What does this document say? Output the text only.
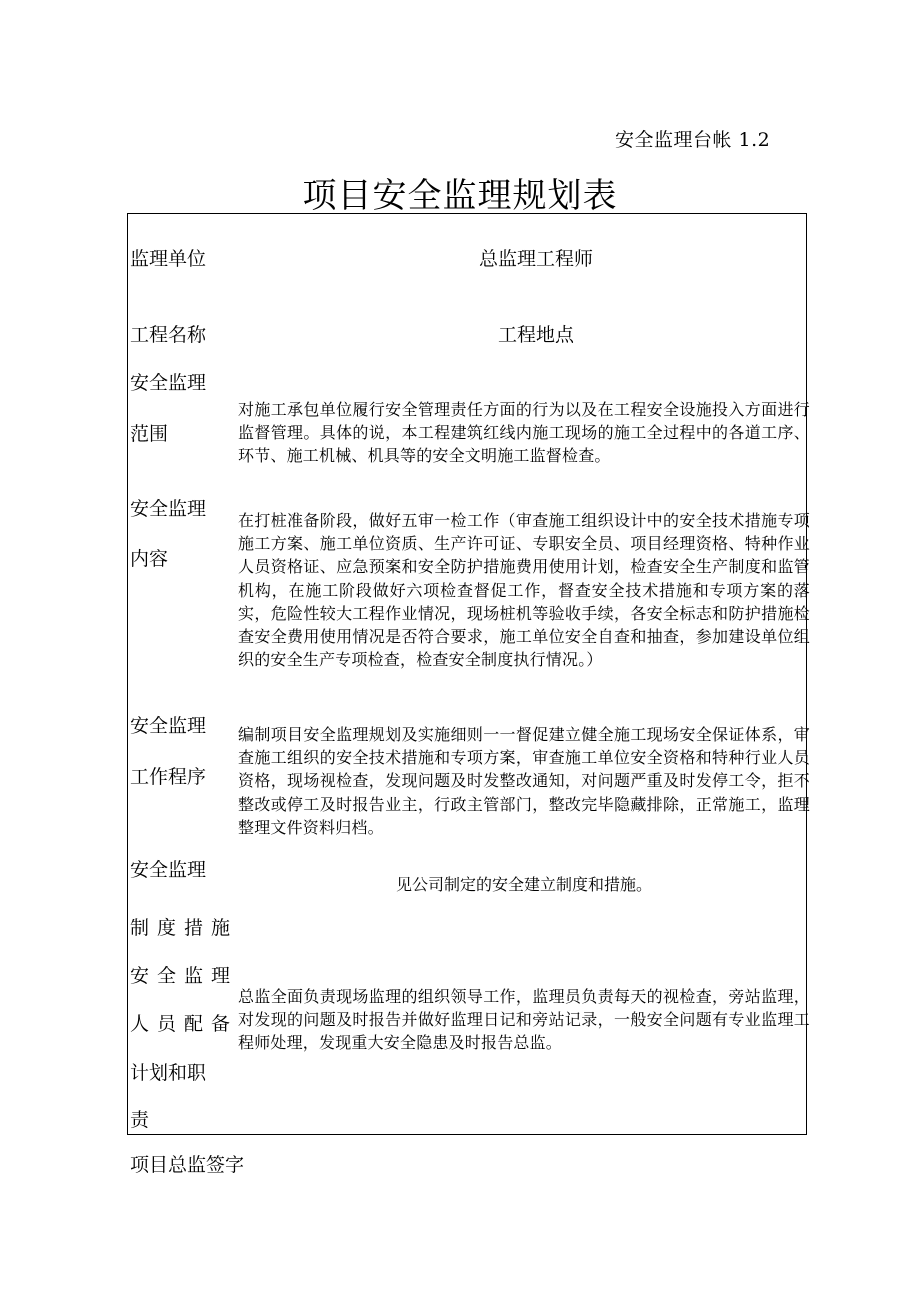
安全监理台帐 1.2
项目安全监理规划表
监理单位	总监理工程师
工程名称	工程地点
安全监理
范围
对施工承包单位履行安全管理责任方面的行为以及在工程安全设施投入方面进行监督管理。具体的说，本工程建筑红线内施工现场的施工全过程中的各道工序、环节、施工机械、机具等的安全文明施工监督检查。
安全监理
内容
在打桩准备阶段，做好五审一检工作（审查施工组织设计中的安全技术措施专项施工方案、施工单位资质、生产许可证、专职安全员、项目经理资格、特种作业人员资格证、应急预案和安全防护措施费用使用计划，检查安全生产制度和监管机构，在施工阶段做好六项检查督促工作，督查安全技术措施和专项方案的落实，危险性较大工程作业情况，现场桩机等验收手续，各安全标志和防护措施检查安全费用使用情况是否符合要求，施工单位安全自查和抽查，参加建设单位组织的安全生产专项检查，检查安全制度执行情况。）
安全监理
工作程序
编制项目安全监理规划及实施细则一一督促建立健全施工现场安全保证体系，审查施工组织的安全技术措施和专项方案，审查施工单位安全资格和特种行业人员资格，现场视检查，发现问题及时发整改通知，对问题严重及时发停工令，拒不整改或停工及时报告业主，行政主管部门，整改完毕隐藏排除，正常施工，监理整理文件资料归档。
安全监理
制度措施
见公司制定的安全建立制度和措施。
安全监理
人员配备
计划和职
责
总监全面负责现场监理的组织领导工作，监理员负责每天的视检查，旁站监理，对发现的问题及时报告并做好监理日记和旁站记录，一般安全问题有专业监理工程师处理，发现重大安全隐患及时报告总监。
项目总监签字
